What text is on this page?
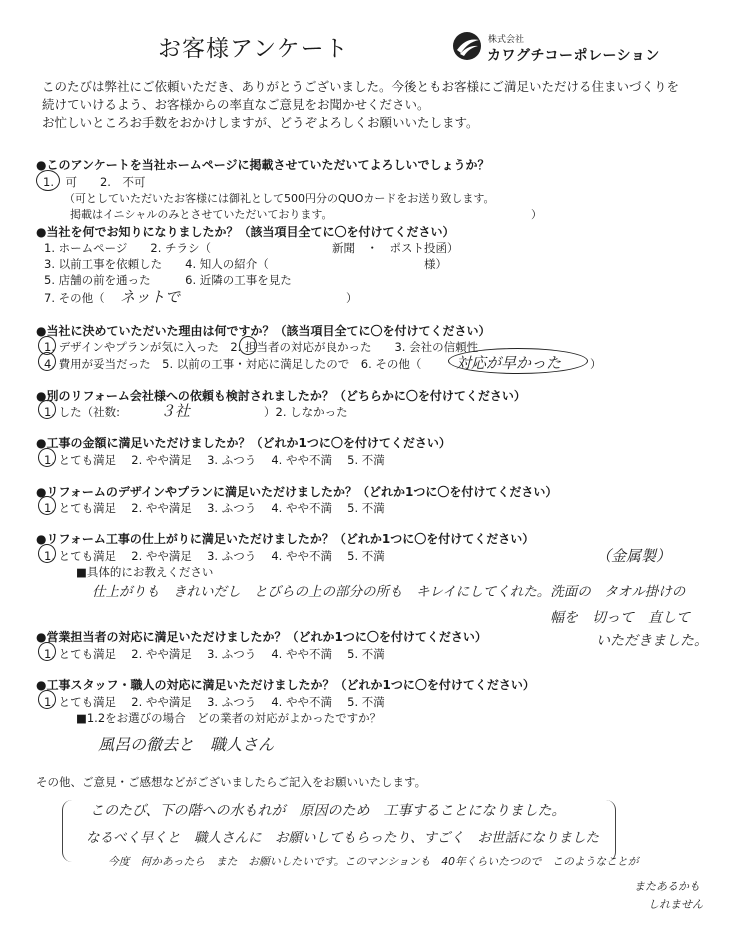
お客様アンケート	株式会社
カワグチコーポレーション
このたびは弊社にご依頼いただき、ありがとうございました。今後ともお客様にご満足いただける住まいづくりを
続けていけるよう、お客様からの率直なご意見をお聞かせください。
お忙しいところお手数をおかけしますが、どうぞよろしくお願いいたします。
●このアンケートを当社ホームページに掲載させていただいてよろしいでしょうか？
1.　可　　2.　不可
（可としていただいたお客様には御礼として500円分のQUOカードをお送り致します。
掲載はイニシャルのみとさせていただいております。	）
●当社を何でお知りになりましたか？（該当項目全てに〇を付けてください）
1. ホームページ　　2. チラシ（	新聞　・　ポスト投函）
3. 以前工事を依頼した　　4. 知人の紹介（	様）
5. 店舗の前を通った　　　6. 近隣の工事を見た
7. その他（ ネットで	）
●当社に決めていただいた理由は何ですか？（該当項目全てに〇を付けてください）
1. デザインやプランが気に入った　2. 担当者の対応が良かった　　3. 会社の信頼性
4. 費用が妥当だった　5. 以前の工事・対応に満足したので　6. その他（ 対応が早かった	）
●別のリフォーム会社様への依頼も検討されましたか？（どちらかに〇を付けてください）
1. した（社数:	３社	）2. しなかった
●工事の金額に満足いただけましたか？（どれか1つに〇を付けてください）
1. とても満足　 2. やや満足　 3. ふつう　 4. やや不満　 5. 不満
●リフォームのデザインやプランに満足いただけましたか？（どれか1つに〇を付けてください）
1. とても満足　 2. やや満足　 3. ふつう　 4. やや不満　 5. 不満
●リフォーム工事の仕上がりに満足いただけましたか？（どれか1つに〇を付けてください）
1. とても満足　 2. やや満足　 3. ふつう　 4. やや不満　 5. 不満
■具体的にお教えください
（金属製）
仕上がりも　きれいだし　とびらの上の部分の所も　キレイにしてくれた。洗面の　タオル掛けの
幅を　切って　直して
いただきました。
●営業担当者の対応に満足いただけましたか？（どれか1つに〇を付けてください）
1. とても満足　 2. やや満足　 3. ふつう　 4. やや不満　 5. 不満
●工事スタッフ・職人の対応に満足いただけましたか？（どれか1つに〇を付けてください）
1. とても満足　 2. やや満足　 3. ふつう　 4. やや不満　 5. 不満
■1.2をお選びの場合　どの業者の対応がよかったですか？
風呂の徹去と　職人さん
その他、ご意見・ご感想などがございましたらご記入をお願いいたします。
このたび、下の階への水もれが　原因のため　工事することになりました。
なるべく早くと　職人さんに　お願いしてもらったり、すごく　お世話になりました
今度　何かあったら　また　お願いしたいです。このマンションも　40年くらいたつので　このようなことが
またあるかも
しれません
